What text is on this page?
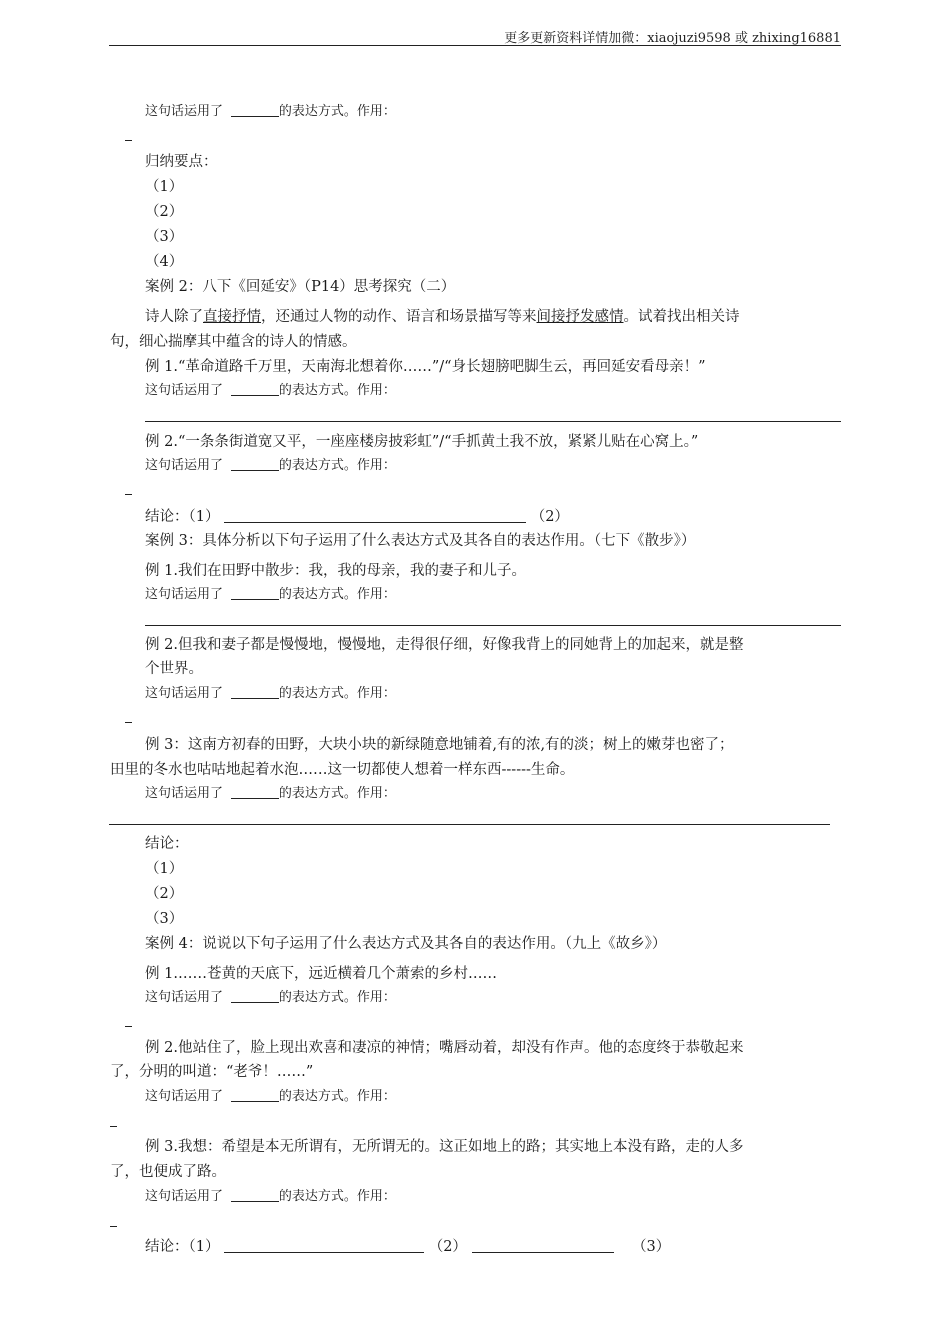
更多更新资料详情加微：xiaojuzi9598 或 zhixing16881
这句话运用了	的表达方式。作用：
归纳要点：
（1）
（2）
（3）
（4）
案例 2：八下《回延安》（P14）思考探究（二）
诗人除了直接抒情，还通过人物的动作、语言和场景描写等来间接抒发感情。试着找出相关诗
句，细心揣摩其中蕴含的诗人的情感。
例 1.“革命道路千万里，天南海北想着你……”/“身长翅膀吧脚生云，再回延安看母亲！”
这句话运用了	的表达方式。作用：
例 2.“一条条街道宽又平，一座座楼房披彩虹”/“手抓黄土我不放，紧紧儿贴在心窝上。”
这句话运用了	的表达方式。作用：
结论：（1）	（2）
案例 3：具体分析以下句子运用了什么表达方式及其各自的表达作用。（七下《散步》）
例 1.我们在田野中散步：我，我的母亲，我的妻子和儿子。
这句话运用了	的表达方式。作用：
例 2.但我和妻子都是慢慢地，慢慢地，走得很仔细，好像我背上的同她背上的加起来，就是整
个世界。
这句话运用了	的表达方式。作用：
例 3：这南方初春的田野，大块小块的新绿随意地铺着,有的浓,有的淡；树上的嫩芽也密了；
田里的冬水也咕咕地起着水泡……这一切都使人想着一样东西------生命。
这句话运用了	的表达方式。作用：
结论：
（1）
（2）
（3）
案例 4：说说以下句子运用了什么表达方式及其各自的表达作用。（九上《故乡》）
例 1.……苍黄的天底下，远近横着几个萧索的乡村……
这句话运用了	的表达方式。作用：
例 2.他站住了，脸上现出欢喜和凄凉的神情；嘴唇动着，却没有作声。他的态度终于恭敬起来
了，分明的叫道：“老爷！……”
这句话运用了	的表达方式。作用：
例 3.我想：希望是本无所谓有，无所谓无的。这正如地上的路；其实地上本没有路，走的人多
了，也便成了路。
这句话运用了	的表达方式。作用：
结论：（1）	（2）	（3）
